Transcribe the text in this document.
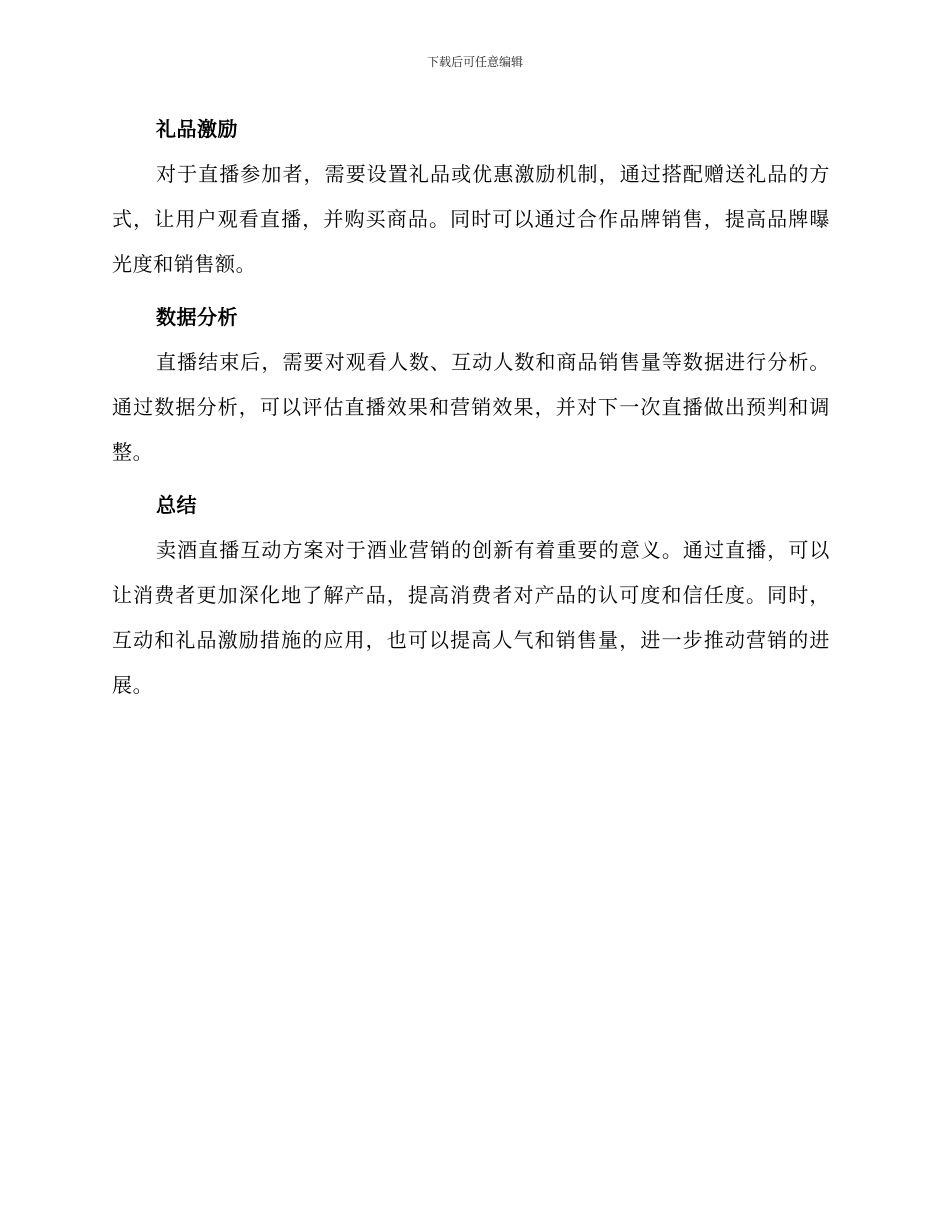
下载后可任意编辑
礼品激励

对于直播参加者，需要设置礼品或优惠激励机制，通过搭配赠送礼品的方式，让用户观看直播，并购买商品。同时可以通过合作品牌销售，提高品牌曝光度和销售额。

数据分析

直播结束后，需要对观看人数、互动人数和商品销售量等数据进行分析。通过数据分析，可以评估直播效果和营销效果，并对下一次直播做出预判和调整。

总结

卖酒直播互动方案对于酒业营销的创新有着重要的意义。通过直播，可以让消费者更加深化地了解产品，提高消费者对产品的认可度和信任度。同时，互动和礼品激励措施的应用，也可以提高人气和销售量，进一步推动营销的进展。
